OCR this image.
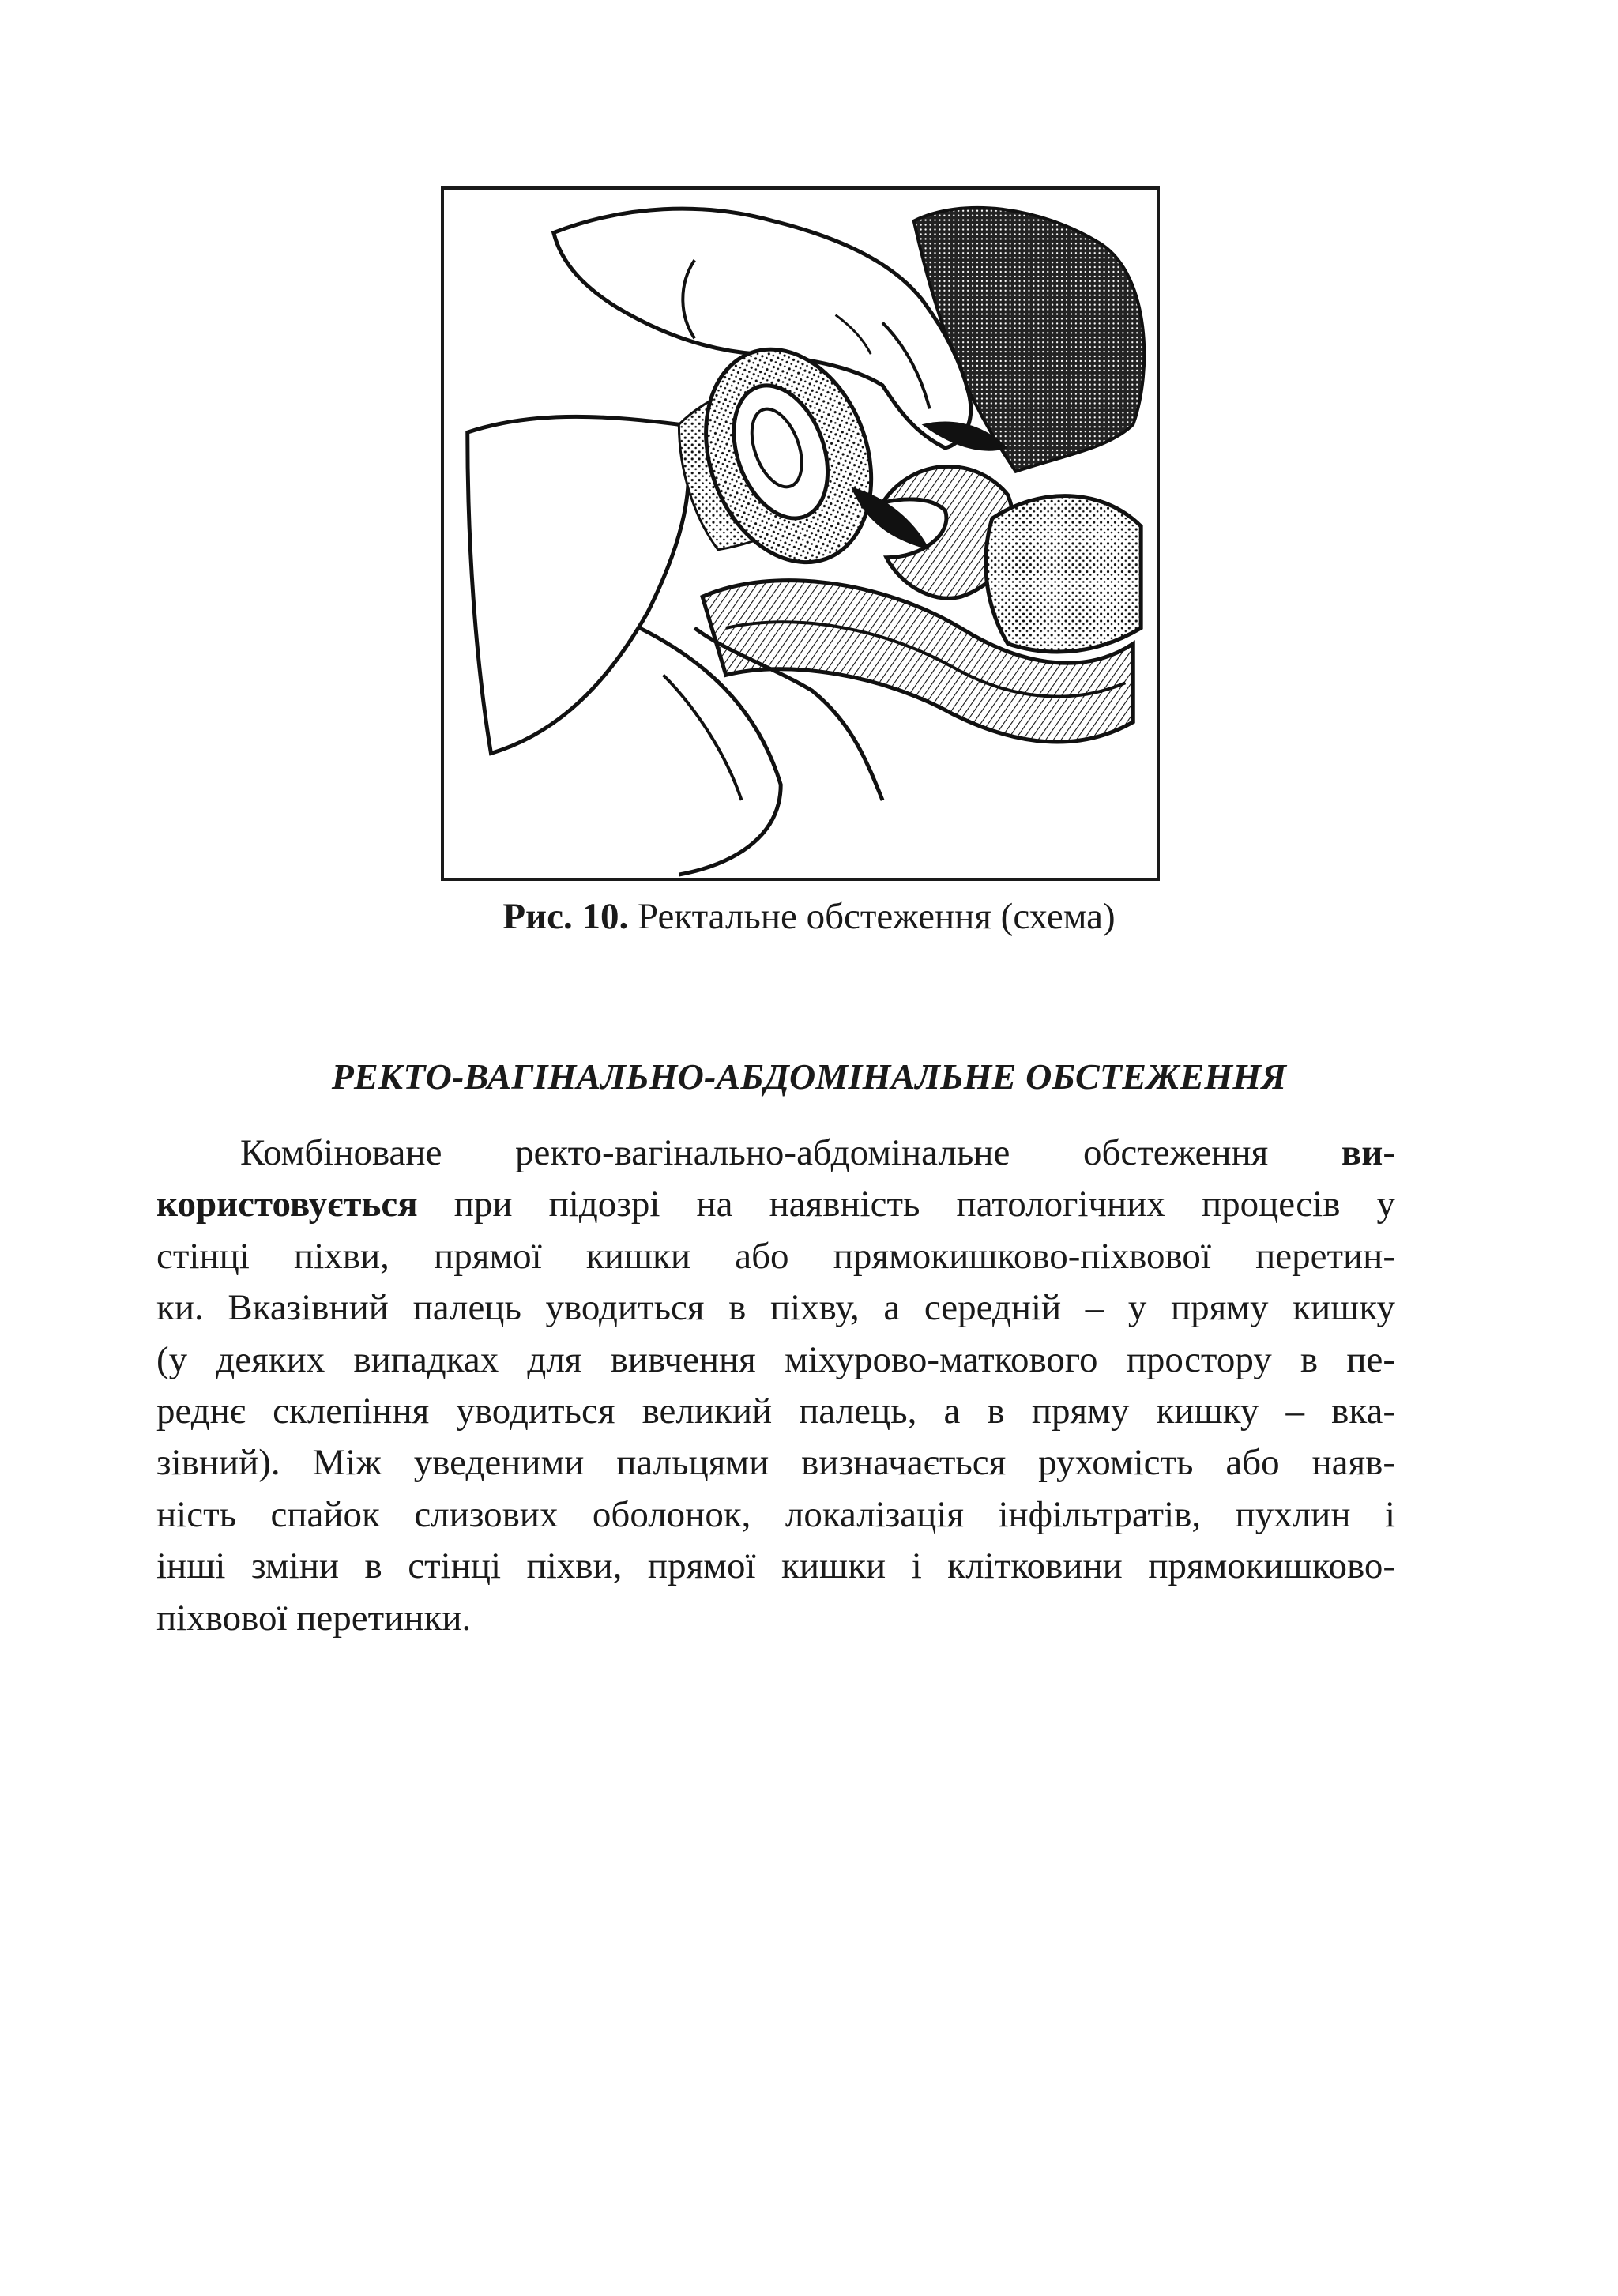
Рис. 10. Ректальне обстеження (схема)

РЕКТО-ВАГІНАЛЬНО-АБДОМІНАЛЬНЕ ОБСТЕЖЕННЯ
Комбіноване ректо-вагінально-абдомінальне обстеження ви-
користовується при підозрі на наявність патологічних процесів у
стінці піхви, прямої кишки або прямокишково-піхвової перетин-
ки. Вказівний палець уводиться в піхву, а середній – у пряму кишку
(у деяких випадках для вивчення міхурово-маткового простору в пе-
реднє склепіння уводиться великий палець, а в пряму кишку – вка-
зівний). Між уведеними пальцями визначається рухомість або наяв-
ність спайок слизових оболонок, локалізація інфільтратів, пухлин і
інші зміни в стінці піхви, прямої кишки і клітковини прямокишково-
піхвової перетинки.
